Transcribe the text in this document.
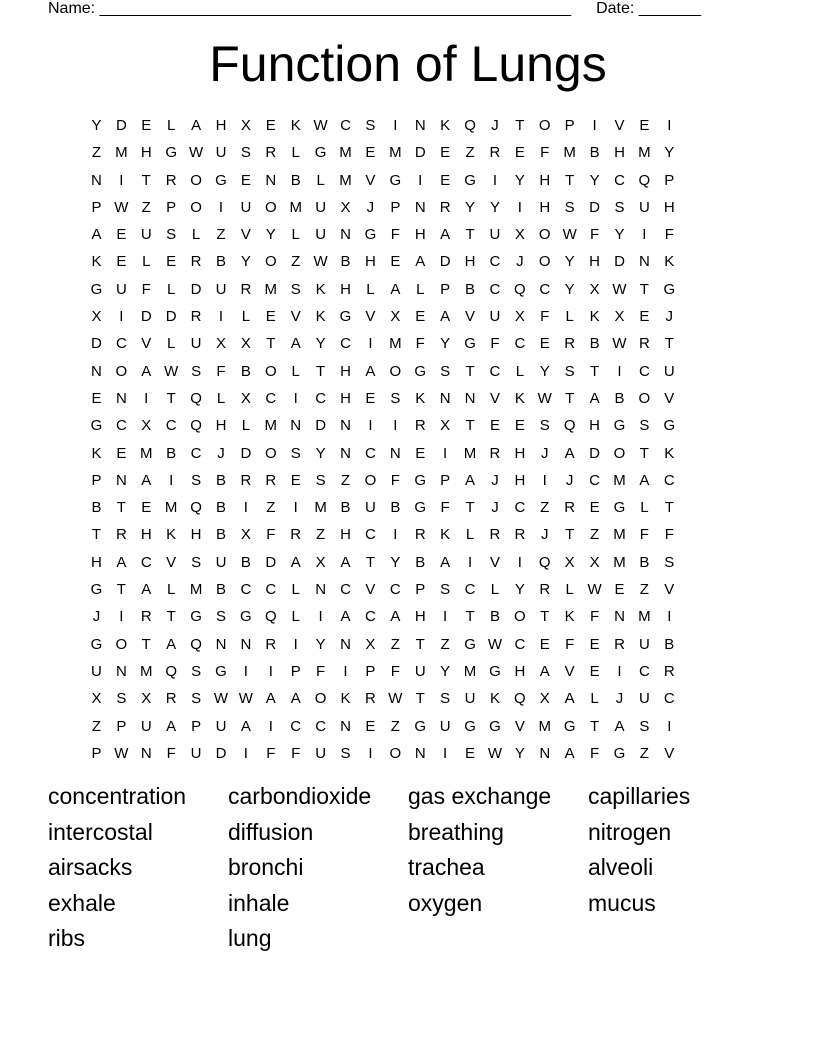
Name: _____________________________________________________ Date: _______
Function of Lungs
Y D E	L	A H X E K W C S	I	N K Q	J	T O P	I	V E	I
Z M H G W U S R	L G M E M D E	Z R E	F M B H M Y
N	I	T R O G E N B	L M V G	I	E G	I	Y H T	Y C Q P
P W Z	P O	I	U O M U X	J	P N R Y Y	I	H S D S U H
A E U S	L	Z	V Y	L	U N G F H A	T U X O W F	Y	I	F
K E	L	E R B Y O Z W B H E A D H C	J	O Y H D N K
G U F	L	D U R M S K H	L	A	L	P B C Q C Y X W T G
X	I	D D R	I	L	E V K G V X E A V U X	F	L	K X E	J
D C V	L	U X X	T	A Y C	I	M F	Y G F C E R B W R T
N O A W S	F	B O L	T H A O G S	T C	L	Y S	T	I	C U
E N	I	T Q L	X C	I	C H E S K N N V K W T	A B O V
G C X C Q H	L M N D N	I	I	R X	T	E E S Q H G S G
K E M B C	J	D O S Y N C N E	I	M R H	J	A D O T	K
P N A	I	S B R R E S	Z O F G P A	J	H	I	J	C M A C
B	T	E M Q B	I	Z	I	M B U B G F	T	J	C Z R E G L	T
T R H K H B X	F R Z H C	I	R K	L	R R	J	T	Z M F	F
H A C V S U B D A X A	T	Y B A	I	V	I	Q X X M B S
G T	A	L M B C C	L	N C V C P S C	L	Y R	L W E	Z	V
J	I	R T G S G Q L	I	A C A H	I	T	B O T	K	F N M	I
G O T	A Q N N R	I	Y N X	Z	T	Z G W C E	F	E R U B
U N M Q S G	I	I	P	F	I	P	F U Y M G H A V E	I	C R
X S X R S W W A A O K R W T	S U K Q X A	L	J	U C
Z	P U A P U A	I	C C N E	Z G U G G V M G T	A S	I
P W N F U D	I	F	F U S	I	O N	I	E W Y N A	F G Z	V
concentration	carbondioxide	gas exchange	capillaries
intercostal	diffusion	breathing	nitrogen
airsacks	bronchi	trachea	alveoli
exhale	inhale	oxygen	mucus
ribs	lung
